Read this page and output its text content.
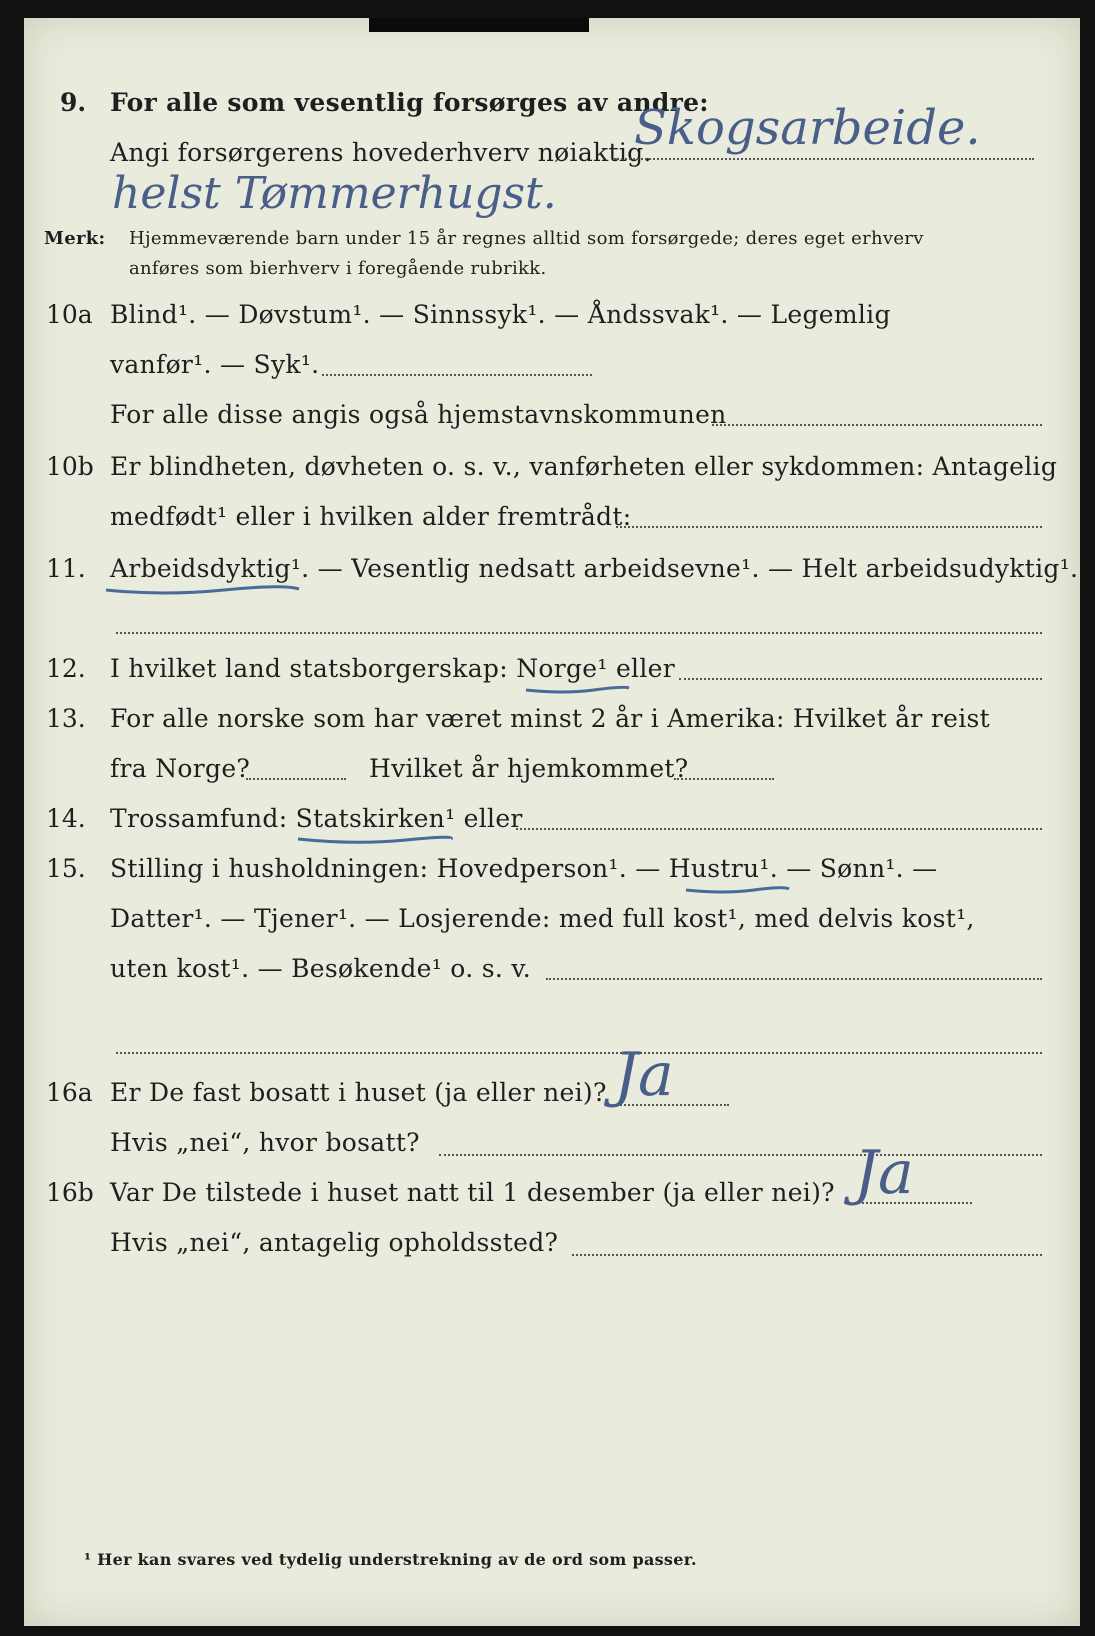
9. For alle som vesentlig forsørges av andre:
Angi forsørgerens hovederhverv nøiaktig.
Skogsarbeide.
helst Tømmerhugst.
Merk: Hjemmeværende barn under 15 år regnes alltid som forsørgede; deres eget erhverv
anføres som bierhverv i foregående rubrikk.
10a Blind¹. — Døvstum¹. — Sinnssyk¹. — Åndssvak¹. — Legemlig
vanfør¹. — Syk¹.
For alle disse angis også hjemstavnskommunen
10b Er blindheten, døvheten o. s. v., vanførheten eller sykdommen: Antagelig
medfødt¹ eller i hvilken alder fremtrådt:
11. Arbeidsdyktig¹. — Vesentlig nedsatt arbeidsevne¹. — Helt arbeidsudyktig¹.
12. I hvilket land statsborgerskap: Norge¹ eller
13. For alle norske som har været minst 2 år i Amerika: Hvilket år reist
fra Norge?	Hvilket år hjemkommet?
14. Trossamfund: Statskirken¹ eller
15. Stilling i husholdningen: Hovedperson¹. — Hustru¹. — Sønn¹. —
Datter¹. — Tjener¹. — Losjerende: med full kost¹, med delvis kost¹,
uten kost¹. — Besøkende¹ o. s. v.
16a Er De fast bosatt i huset (ja eller nei)? Ja
Hvis „nei“, hvor bosatt?
16b Var De tilstede i huset natt til 1 desember (ja eller nei)? Ja
Hvis „nei“, antagelig opholdssted?
¹ Her kan svares ved tydelig understrekning av de ord som passer.
